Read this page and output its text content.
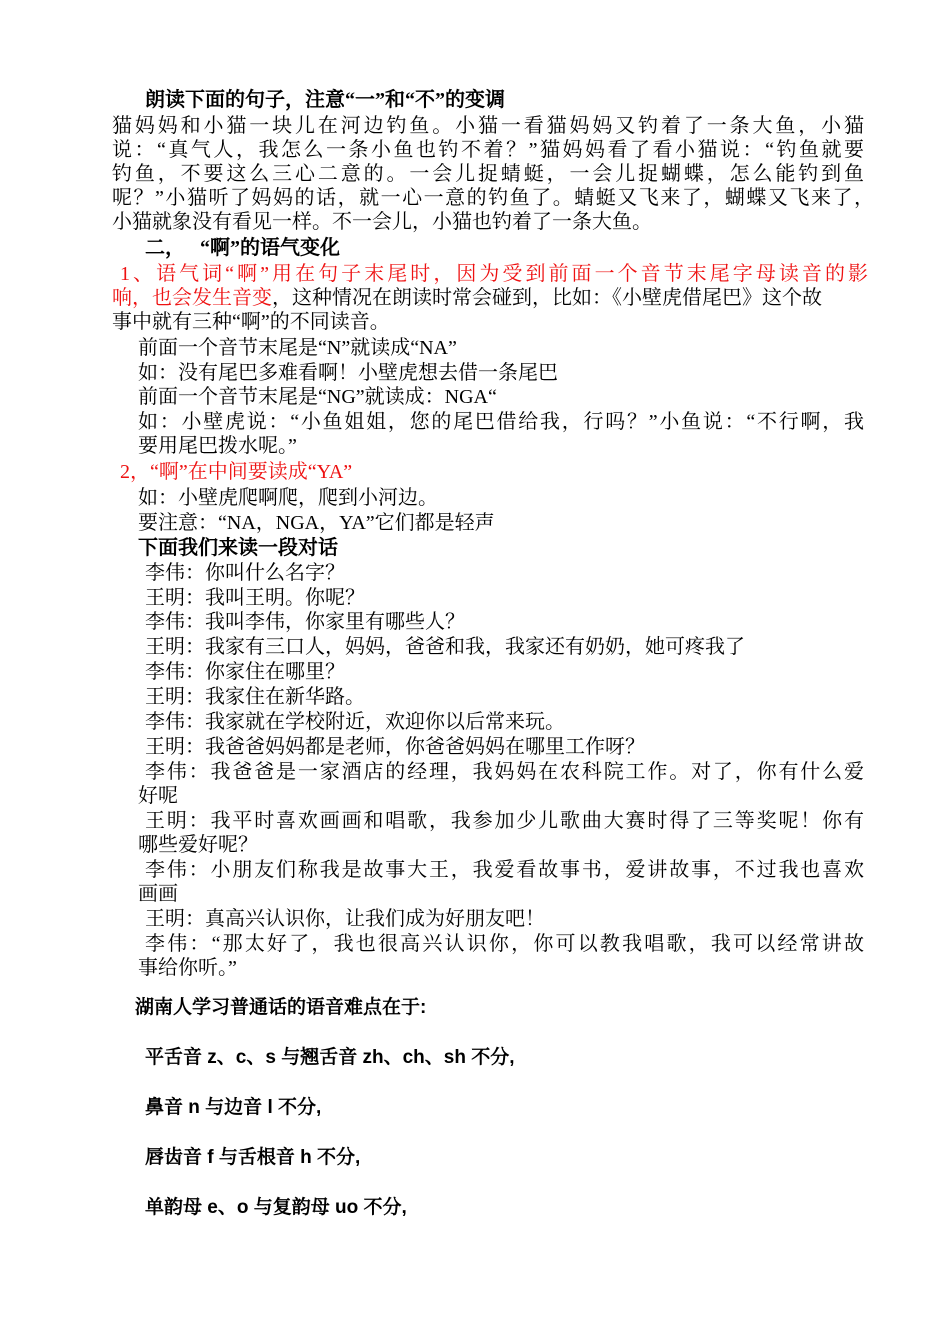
朗读下面的句子，注意“一”和“不”的变调
猫妈妈和小猫一块儿在河边钓鱼。小猫一看猫妈妈又钓着了一条大鱼，小猫
说：“真气人，我怎么一条小鱼也钓不着？”猫妈妈看了看小猫说：“钓鱼就要
钓鱼，不要这么三心二意的。一会儿捉蜻蜓，一会儿捉蝴蝶，怎么能钓到鱼
呢？”小猫听了妈妈的话，就一心一意的钓鱼了。蜻蜓又飞来了，蝴蝶又飞来了，
小猫就象没有看见一样。不一会儿，小猫也钓着了一条大鱼。
二，   “啊”的语气变化
1、语气词“啊”用在句子末尾时，因为受到前面一个音节末尾字母读音的影
响，也会发生音变，这种情况在朗读时常会碰到，比如：《小壁虎借尾巴》这个故
事中就有三种“啊”的不同读音。
前面一个音节末尾是“N”就读成“NA”
如：没有尾巴多难看啊！小壁虎想去借一条尾巴
前面一个音节末尾是“NG”就读成：NGA“
如：小壁虎说：“小鱼姐姐，您的尾巴借给我，行吗？”小鱼说：“不行啊，我
要用尾巴拨水呢。”
2，“啊”在中间要读成“YA”
如：小壁虎爬啊爬，爬到小河边。
要注意：“NA，NGA，YA”它们都是轻声
下面我们来读一段对话
李伟：你叫什么名字？
王明：我叫王明。你呢？
李伟：我叫李伟，你家里有哪些人？
王明：我家有三口人，妈妈，爸爸和我，我家还有奶奶，她可疼我了
李伟：你家住在哪里？
王明：我家住在新华路。
李伟：我家就在学校附近，欢迎你以后常来玩。
王明：我爸爸妈妈都是老师，你爸爸妈妈在哪里工作呀？
李伟：我爸爸是一家酒店的经理，我妈妈在农科院工作。对了，你有什么爱
好呢
王明：我平时喜欢画画和唱歌，我参加少儿歌曲大赛时得了三等奖呢！你有
哪些爱好呢？
李伟：小朋友们称我是故事大王，我爱看故事书，爱讲故事，不过我也喜欢
画画
王明：真高兴认识你，让我们成为好朋友吧！
李伟：“那太好了，我也很高兴认识你，你可以教我唱歌，我可以经常讲故
事给你听。”
湖南人学习普通话的语音难点在于:
平舌音 z、c、s 与翘舌音 zh、ch、sh 不分,
鼻音 n 与边音 l 不分,
唇齿音 f 与舌根音 h 不分,
单韵母 e、o 与复韵母 uo 不分,
